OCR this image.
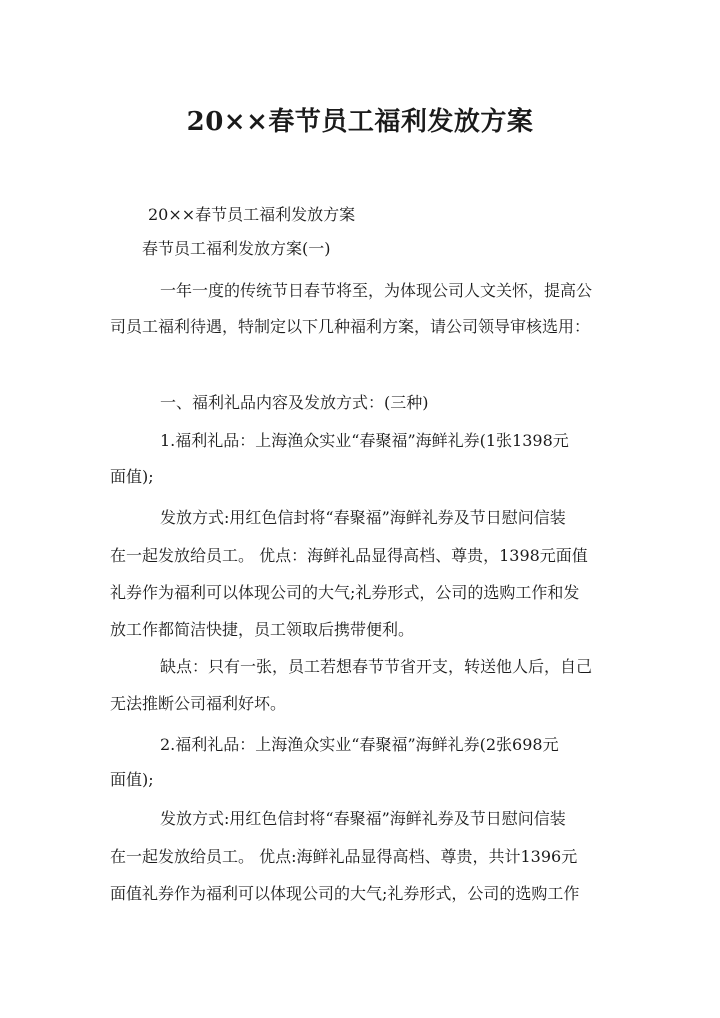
20××春节员工福利发放方案
20××春节员工福利发放方案
春节员工福利发放方案(一)
一年一度的传统节日春节将至，为体现公司人文关怀，提高公
司员工福利待遇，特制定以下几种福利方案，请公司领导审核选用：
一、福利礼品内容及发放方式：(三种)
1.福利礼品：上海渔众实业“春聚福”海鲜礼券(1张1398元
面值);
发放方式:用红色信封将“春聚福”海鲜礼券及节日慰问信装
在一起发放给员工。 优点：海鲜礼品显得高档、尊贵，1398元面值
礼券作为福利可以体现公司的大气;礼券形式，公司的选购工作和发
放工作都简洁快捷，员工领取后携带便利。
缺点：只有一张，员工若想春节节省开支，转送他人后，自己
无法推断公司福利好坏。
2.福利礼品：上海渔众实业“春聚福”海鲜礼券(2张698元
面值);
发放方式:用红色信封将“春聚福”海鲜礼券及节日慰问信装
在一起发放给员工。 优点:海鲜礼品显得高档、尊贵，共计1396元
面值礼券作为福利可以体现公司的大气;礼券形式，公司的选购工作
